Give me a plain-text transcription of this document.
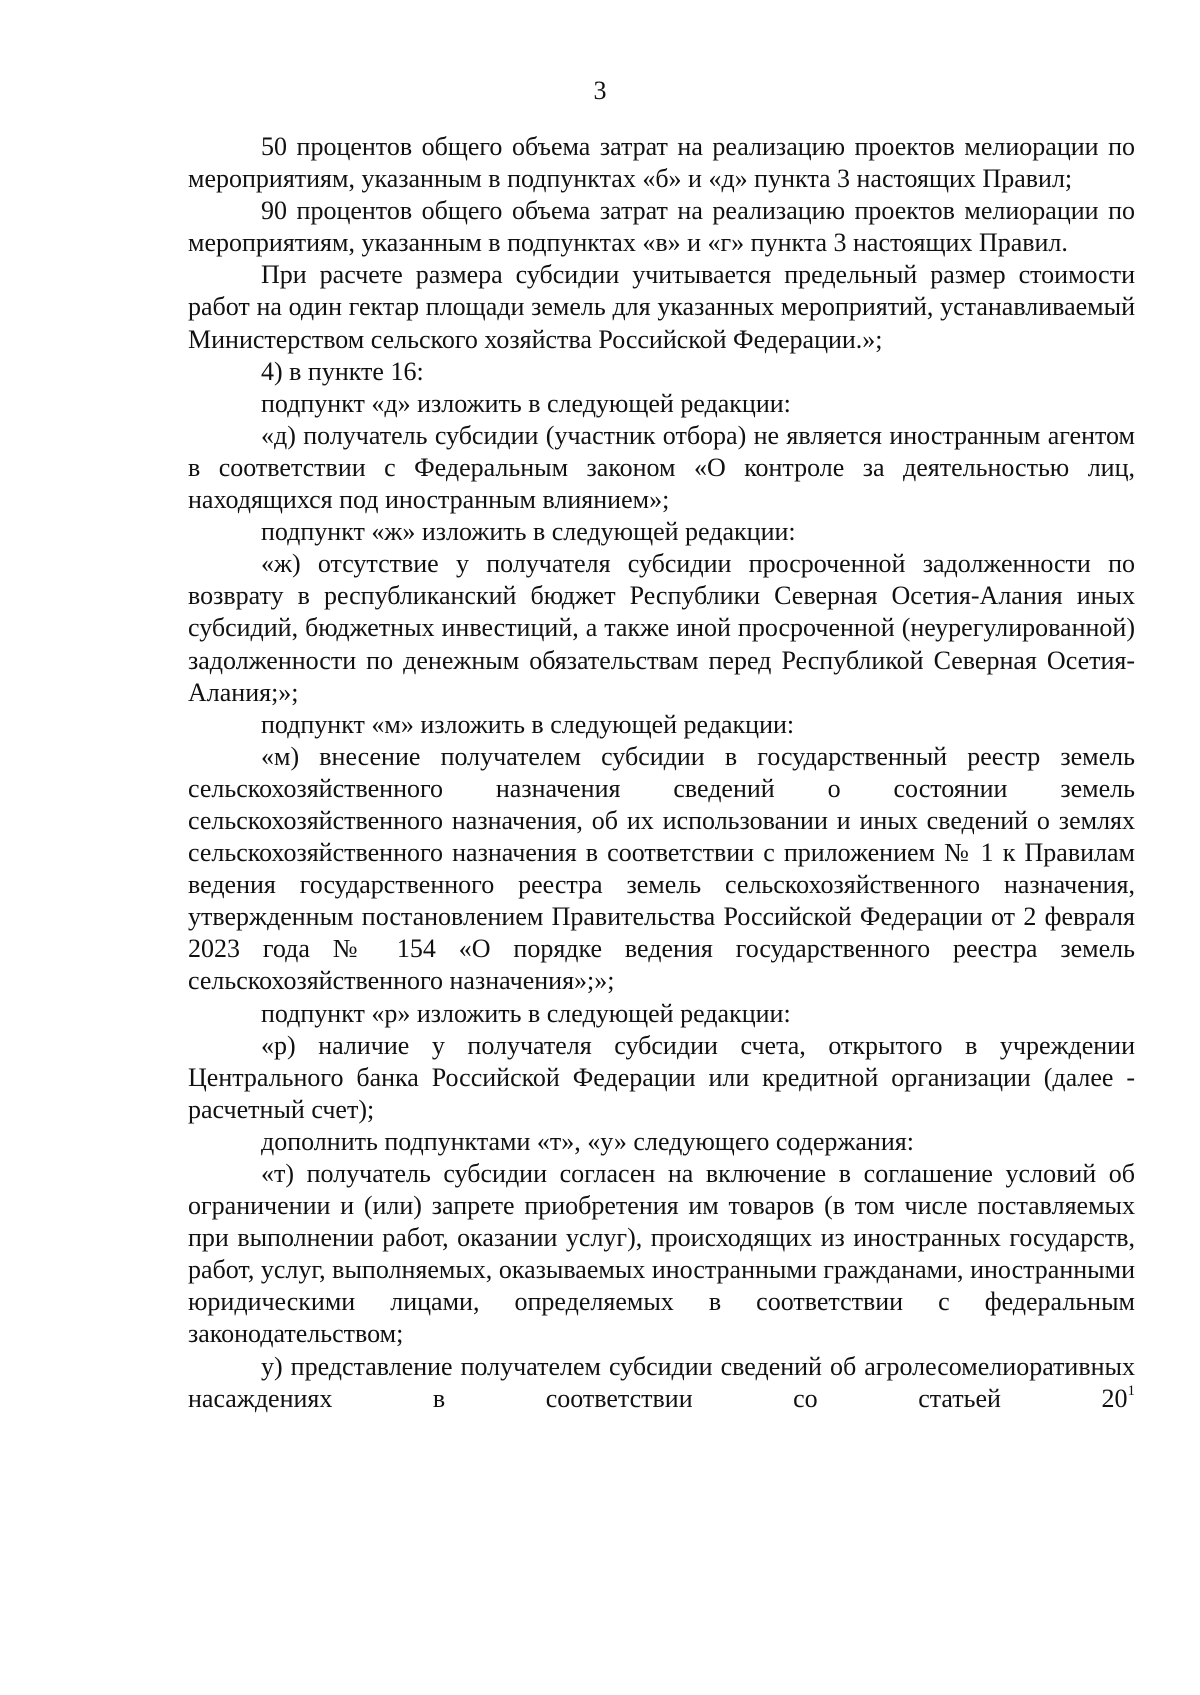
3

50 процентов общего объема затрат на реализацию проектов мелиорации по мероприятиям, указанным в подпунктах «б» и «д» пункта 3 настоящих Правил;

90 процентов общего объема затрат на реализацию проектов мелиорации по мероприятиям, указанным в подпунктах «в» и «г» пункта 3 настоящих Правил.

При расчете размера субсидии учитывается предельный размер стоимости работ на один гектар площади земель для указанных мероприятий, устанавливаемый Министерством сельского хозяйства Российской Федерации.»;

4) в пункте 16:

подпункт «д» изложить в следующей редакции:

«д) получатель субсидии (участник отбора) не является иностранным агентом в соответствии с Федеральным законом «О контроле за деятельностью лиц, находящихся под иностранным влиянием»;

подпункт «ж» изложить в следующей редакции:

«ж) отсутствие у получателя субсидии просроченной задолженности по возврату в республиканский бюджет Республики Северная Осетия-Алания иных субсидий, бюджетных инвестиций, а также иной просроченной (неурегулированной) задолженности по денежным обязательствам перед Республикой Северная Осетия-Алания;»;

подпункт «м» изложить в следующей редакции:

«м) внесение получателем субсидии в государственный реестр земель сельскохозяйственного назначения сведений о состоянии земель сельскохозяйственного назначения, об их использовании и иных сведений о землях сельскохозяйственного назначения в соответствии с приложением № 1 к Правилам ведения государственного реестра земель сельскохозяйственного назначения, утвержденным постановлением Правительства Российской Федерации от 2 февраля 2023 года № 154 «О порядке ведения государственного реестра земель сельскохозяйственного назначения»;»;

подпункт «р» изложить в следующей редакции:

«р) наличие у получателя субсидии счета, открытого в учреждении Центрального банка Российской Федерации или кредитной организации (далее - расчетный счет);

дополнить подпунктами «т», «у» следующего содержания:

«т) получатель субсидии согласен на включение в соглашение условий об ограничении и (или) запрете приобретения им товаров (в том числе поставляемых при выполнении работ, оказании услуг), происходящих из иностранных государств, работ, услуг, выполняемых, оказываемых иностранными гражданами, иностранными юридическими лицами, определяемых в соответствии с федеральным законодательством;

у) представление получателем субсидии сведений об агролесомелиоративных насаждениях в соответствии со статьей $20^1$
